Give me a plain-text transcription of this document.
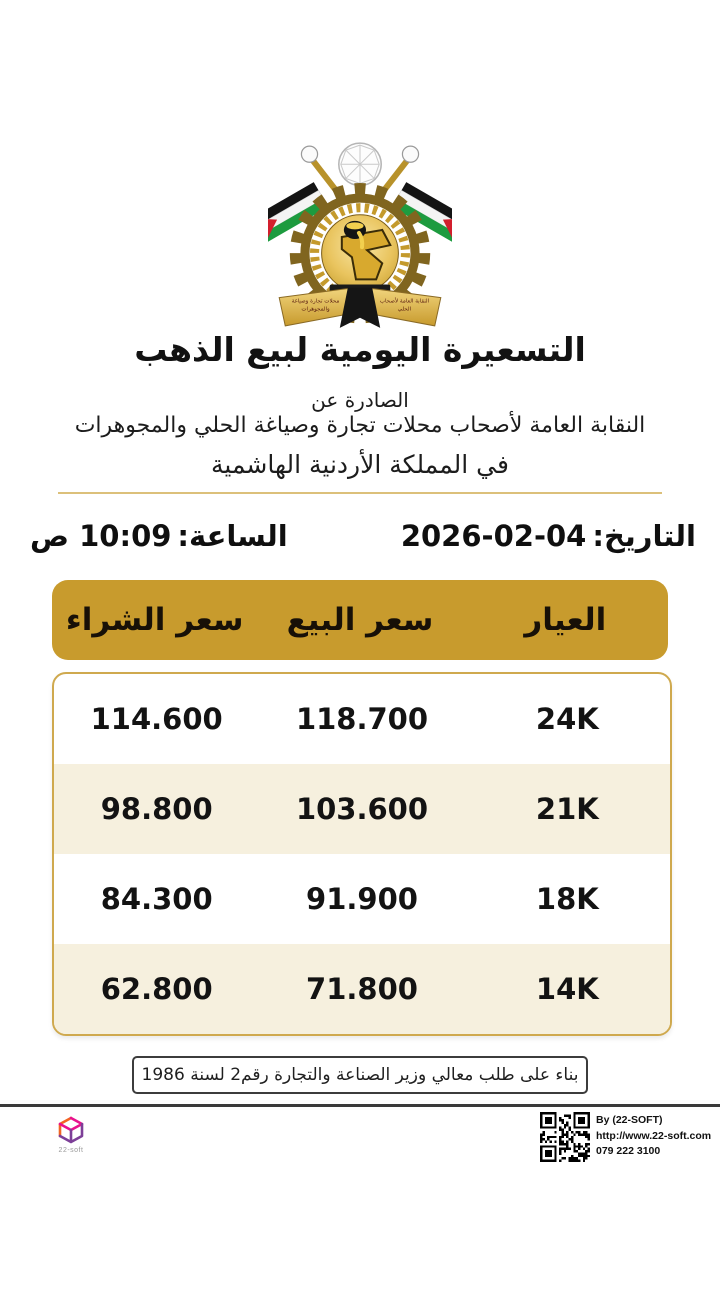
محلات تجارة وصياغة
والمجوهرات
النقابة العامة لأصحاب
الحلي
التسعيرة اليومية لبيع الذهب
الصادرة عن
النقابة العامة لأصحاب محلات تجارة وصياغة الحلي والمجوهرات
في المملكة الأردنية الهاشمية
التاريخ:04-02-2026
الساعة:10:09 ص
العيار
سعر البيع
سعر الشراء
24K
118.700
114.600
21K
103.600
98.800
18K
91.900
84.300
14K
71.800
62.800
بناء على طلب معالي وزير الصناعة والتجارة رقم2 لسنة 1986
22-soft
By (22-SOFT)
http://www.22-soft.com
079 222 3100
